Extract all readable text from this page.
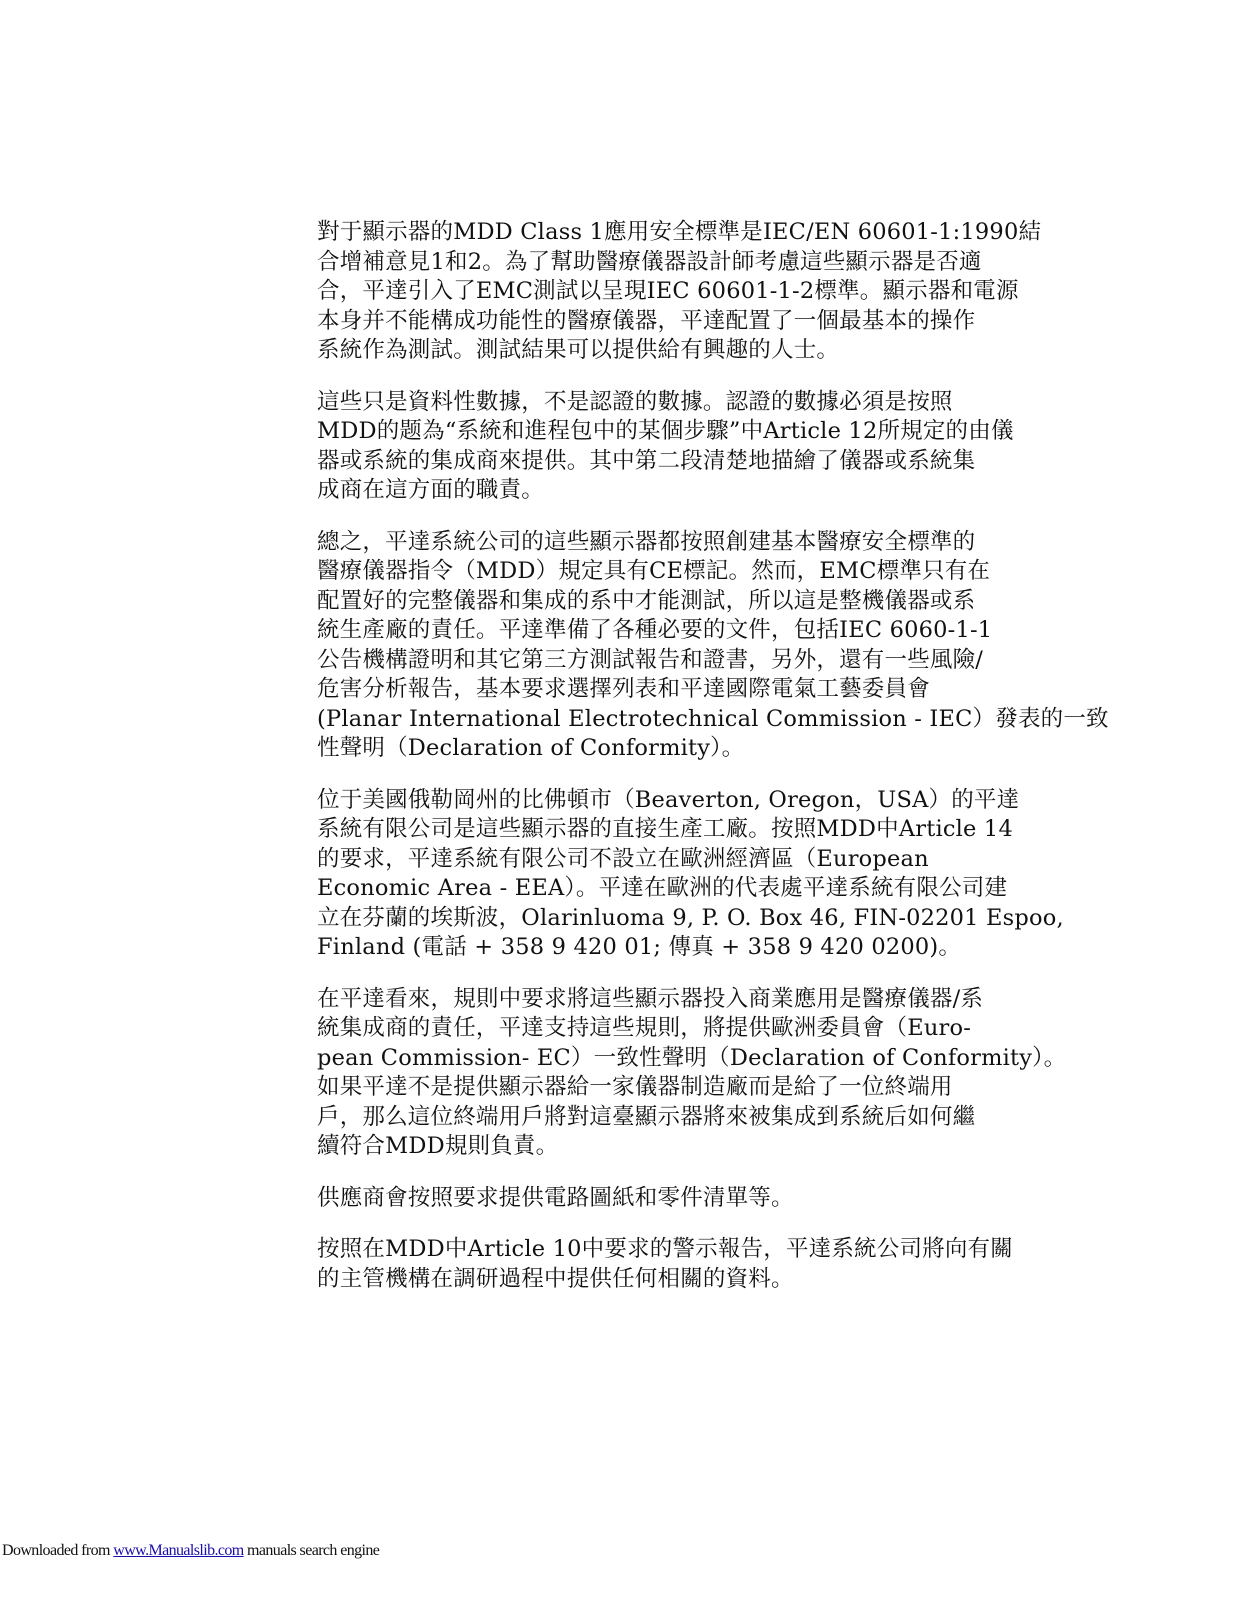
對于顯示器的MDD Class 1應用安全標準是IEC/EN 60601-1:1990結
合增補意見1和2。為了幫助醫療儀器設計師考慮這些顯示器是否適
合，平達引入了EMC測試以呈現IEC 60601-1-2標準。顯示器和電源
本身并不能構成功能性的醫療儀器，平達配置了一個最基本的操作
系統作為測試。測試結果可以提供給有興趣的人士。

這些只是資料性數據，不是認證的數據。認證的數據必須是按照
MDD的题為“系統和進程包中的某個步驟”中Article 12所規定的由儀
器或系統的集成商來提供。其中第二段清楚地描繪了儀器或系統集
成商在這方面的職責。

總之，平達系統公司的這些顯示器都按照創建基本醫療安全標準的
醫療儀器指令（MDD）規定具有CE標記。然而，EMC標準只有在
配置好的完整儀器和集成的系中才能測試，所以這是整機儀器或系
統生產廠的責任。平達準備了各種必要的文件，包括IEC 6060-1-1
公告機構證明和其它第三方測試報告和證書，另外，還有一些風險/
危害分析報告，基本要求選擇列表和平達國際電氣工藝委員會
(Planar International Electrotechnical Commission - IEC）發表的一致
性聲明（Declaration of Conformity）。

位于美國俄勒岡州的比佛頓市（Beaverton, Oregon，USA）的平達
系統有限公司是這些顯示器的直接生產工廠。按照MDD中Article 14
的要求，平達系統有限公司不設立在歐洲經濟區（European
Economic Area - EEA）。平達在歐洲的代表處平達系統有限公司建
立在芬蘭的埃斯波，Olarinluoma 9, P. O. Box 46, FIN-02201 Espoo,
Finland (電話 + 358 9 420 01; 傳真 + 358 9 420 0200)。

在平達看來，規則中要求將這些顯示器投入商業應用是醫療儀器/系
統集成商的責任，平達支持這些規則，將提供歐洲委員會（Euro-
pean Commission- EC）一致性聲明（Declaration of Conformity）。
如果平達不是提供顯示器給一家儀器制造廠而是給了一位終端用
戶，那么這位終端用戶將對這臺顯示器將來被集成到系統后如何繼
續符合MDD規則負責。

供應商會按照要求提供電路圖紙和零件清單等。

按照在MDD中Article 10中要求的警示報告，平達系統公司將向有關
的主管機構在調研過程中提供任何相關的資料。

Downloaded from www.Manualslib.com manuals search engine
